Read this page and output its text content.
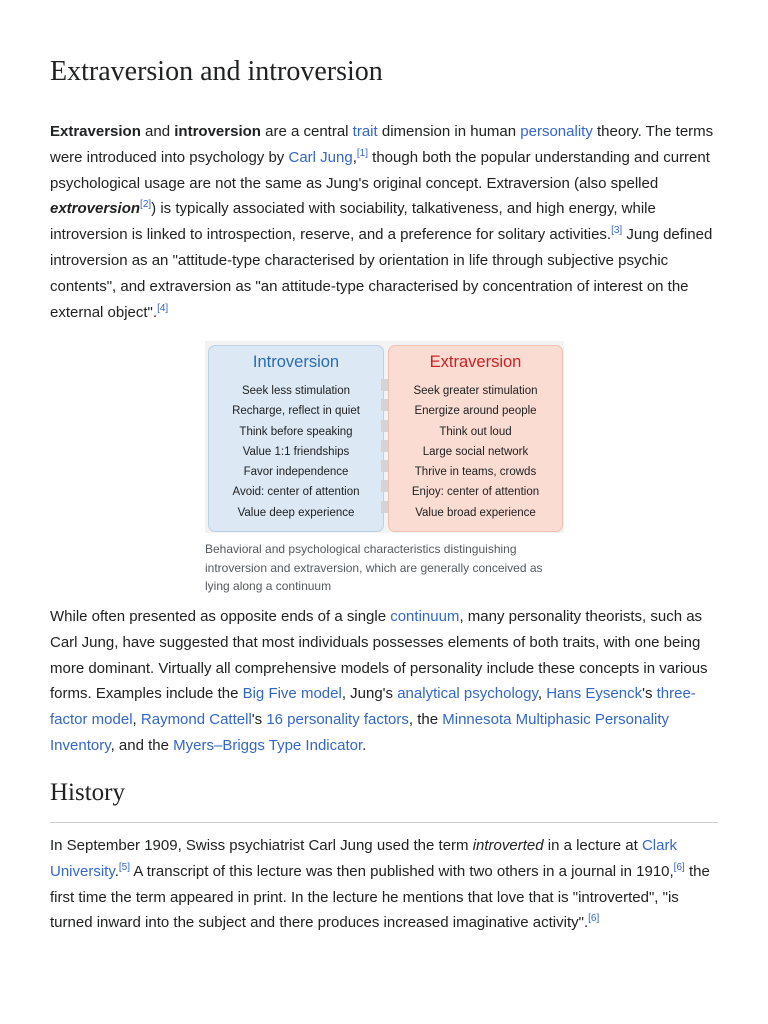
Extraversion and introversion

Extraversion and introversion are a central trait dimension in human personality theory. The terms were introduced into psychology by Carl Jung,[1] though both the popular understanding and current psychological usage are not the same as Jung's original concept. Extraversion (also spelled extroversion[2]) is typically associated with sociability, talkativeness, and high energy, while introversion is linked to introspection, reserve, and a preference for solitary activities.[3] Jung defined introversion as an "attitude-type characterised by orientation in life through subjective psychic contents", and extraversion as "an attitude-type characterised by concentration of interest on the external object".[4]

Introversion
Seek less stimulation
Recharge, reflect in quiet
Think before speaking
Value 1:1 friendships
Favor independence
Avoid: center of attention
Value deep experience
Extraversion
Seek greater stimulation
Energize around people
Think out loud
Large social network
Thrive in teams, crowds
Enjoy: center of attention
Value broad experience

Behavioral and psychological characteristics distinguishing introversion and extraversion, which are generally conceived as lying along a continuum

While often presented as opposite ends of a single continuum, many personality theorists, such as Carl Jung, have suggested that most individuals possesses elements of both traits, with one being more dominant. Virtually all comprehensive models of personality include these concepts in various forms. Examples include the Big Five model, Jung's analytical psychology, Hans Eysenck's three-factor model, Raymond Cattell's 16 personality factors, the Minnesota Multiphasic Personality Inventory, and the Myers–Briggs Type Indicator.

History

In September 1909, Swiss psychiatrist Carl Jung used the term introverted in a lecture at Clark University.[5] A transcript of this lecture was then published with two others in a journal in 1910,[6] the first time the term appeared in print. In the lecture he mentions that love that is "introverted", "is turned inward into the subject and there produces increased imaginative activity".[6]
